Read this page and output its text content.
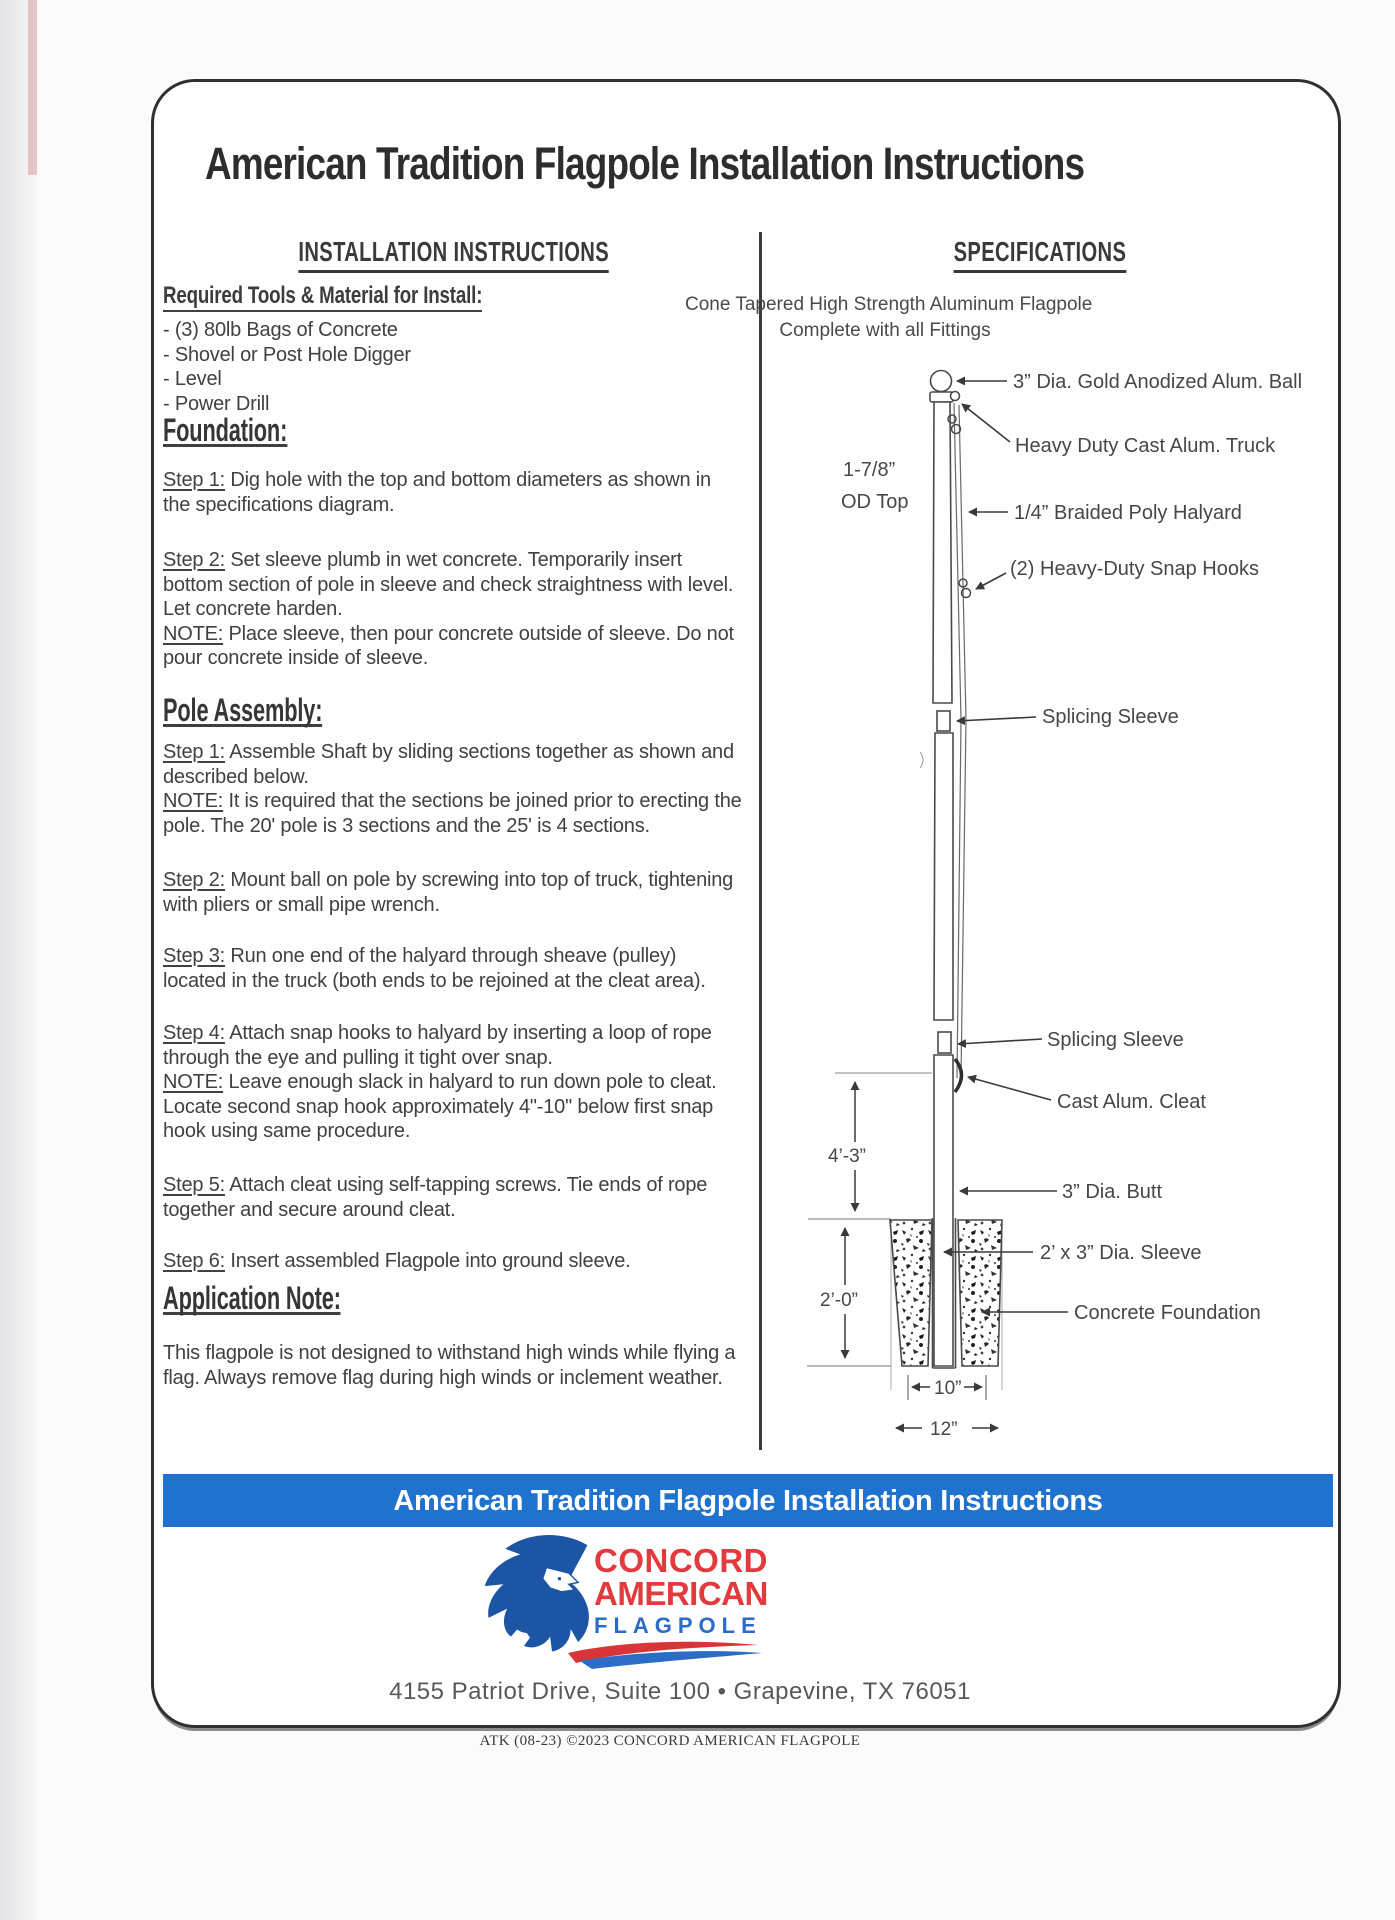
American Tradition Flagpole Installation Instructions
INSTALLATION INSTRUCTIONS
Required Tools & Material for Install:
- (3) 80lb Bags of Concrete
- Shovel or Post Hole Digger
- Level
- Power Drill
Foundation:
Step 1: Dig hole with the top and bottom diameters as shown in the specifications diagram.
Step 2: Set sleeve plumb in wet concrete. Temporarily insert bottom section of pole in sleeve and check straightness with level. Let concrete harden.
NOTE: Place sleeve, then pour concrete outside of sleeve. Do not pour concrete inside of sleeve.
Pole Assembly:
Step 1: Assemble Shaft by sliding sections together as shown and described below.
NOTE: It is required that the sections be joined prior to erecting the pole. The 20' pole is 3 sections and the 25' is 4 sections.
Step 2: Mount ball on pole by screwing into top of truck, tightening with pliers or small pipe wrench.
Step 3: Run one end of the halyard through sheave (pulley) located in the truck (both ends to be rejoined at the cleat area).
Step 4: Attach snap hooks to halyard by inserting a loop of rope through the eye and pulling it tight over snap.
NOTE: Leave enough slack in halyard to run down pole to cleat. Locate second snap hook approximately 4"-10" below first snap hook using same procedure.
Step 5: Attach cleat using self-tapping screws. Tie ends of rope together and secure around cleat.
Step 6: Insert assembled Flagpole into ground sleeve.
Application Note:
This flagpole is not designed to withstand high winds while flying a flag. Always remove flag during high winds or inclement weather.
SPECIFICATIONS
Cone Tapered High Strength Aluminum Flagpole
Complete with all Fittings
4’-3”
2’-0”
10”
12”
3” Dia. Gold Anodized Alum. Ball
Heavy Duty Cast Alum. Truck
1/4” Braided Poly Halyard
(2) Heavy-Duty Snap Hooks
Splicing Sleeve
Splicing Sleeve
Cast Alum. Cleat
3” Dia. Butt
2’ x 3” Dia. Sleeve
Concrete Foundation
1-7/8”
OD Top
American Tradition Flagpole Installation Instructions
CONCORD
AMERICAN
FLAGPOLE
4155 Patriot Drive, Suite 100 • Grapevine, TX 76051
ATK (08-23) ©2023 CONCORD AMERICAN FLAGPOLE
